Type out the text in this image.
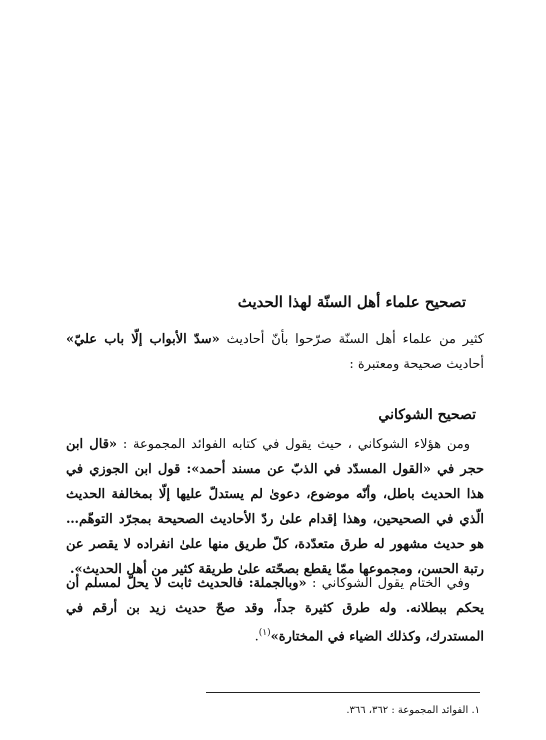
تصحيح علماء أهل السنّة لهذا الحديث

كثير من علماء أهل السنّة صرّحوا بأنّ أحاديث «سدّ الأبواب إلّا باب عليّ» أحاديث صحيحة ومعتبرة :

تصحيح الشوكاني

ومن هؤلاء الشوكاني ، حيث يقول في كتابه الفوائد المجموعة : «قال ابن حجر في «القول المسدّد في الذبّ عن مسند أحمد»: قول ابن الجوزي في هذا الحديث باطل، وأنّه موضوع، دعوىٰ لم يستدلّ عليها إلّا بمخالفة الحديث الّذي في الصحيحين، وهذا إقدام علىٰ ردّ الأحاديث الصحيحة بمجرّد التوهّم… هو حديث مشهور له طرق متعدّدة، كلّ طريق منها علىٰ انفراده لا يقصر عن رتبة الحسن، ومجموعها ممّا يقطع بصحّته علىٰ طريقة كثير من أهل الحديث».

وفي الختام يقول الشوكاني : «وبالجملة: فالحديث ثابت لا يحلّ لمسلم أن يحكم ببطلانه. وله طرق كثيرة جداً، وقد صحّ حديث زيد بن أرقم في المستدرك، وكذلك الضياء في المختارة»$^{(١)}$.

١. الفوائد المجموعة : ٣٦٢، ٣٦٦.
